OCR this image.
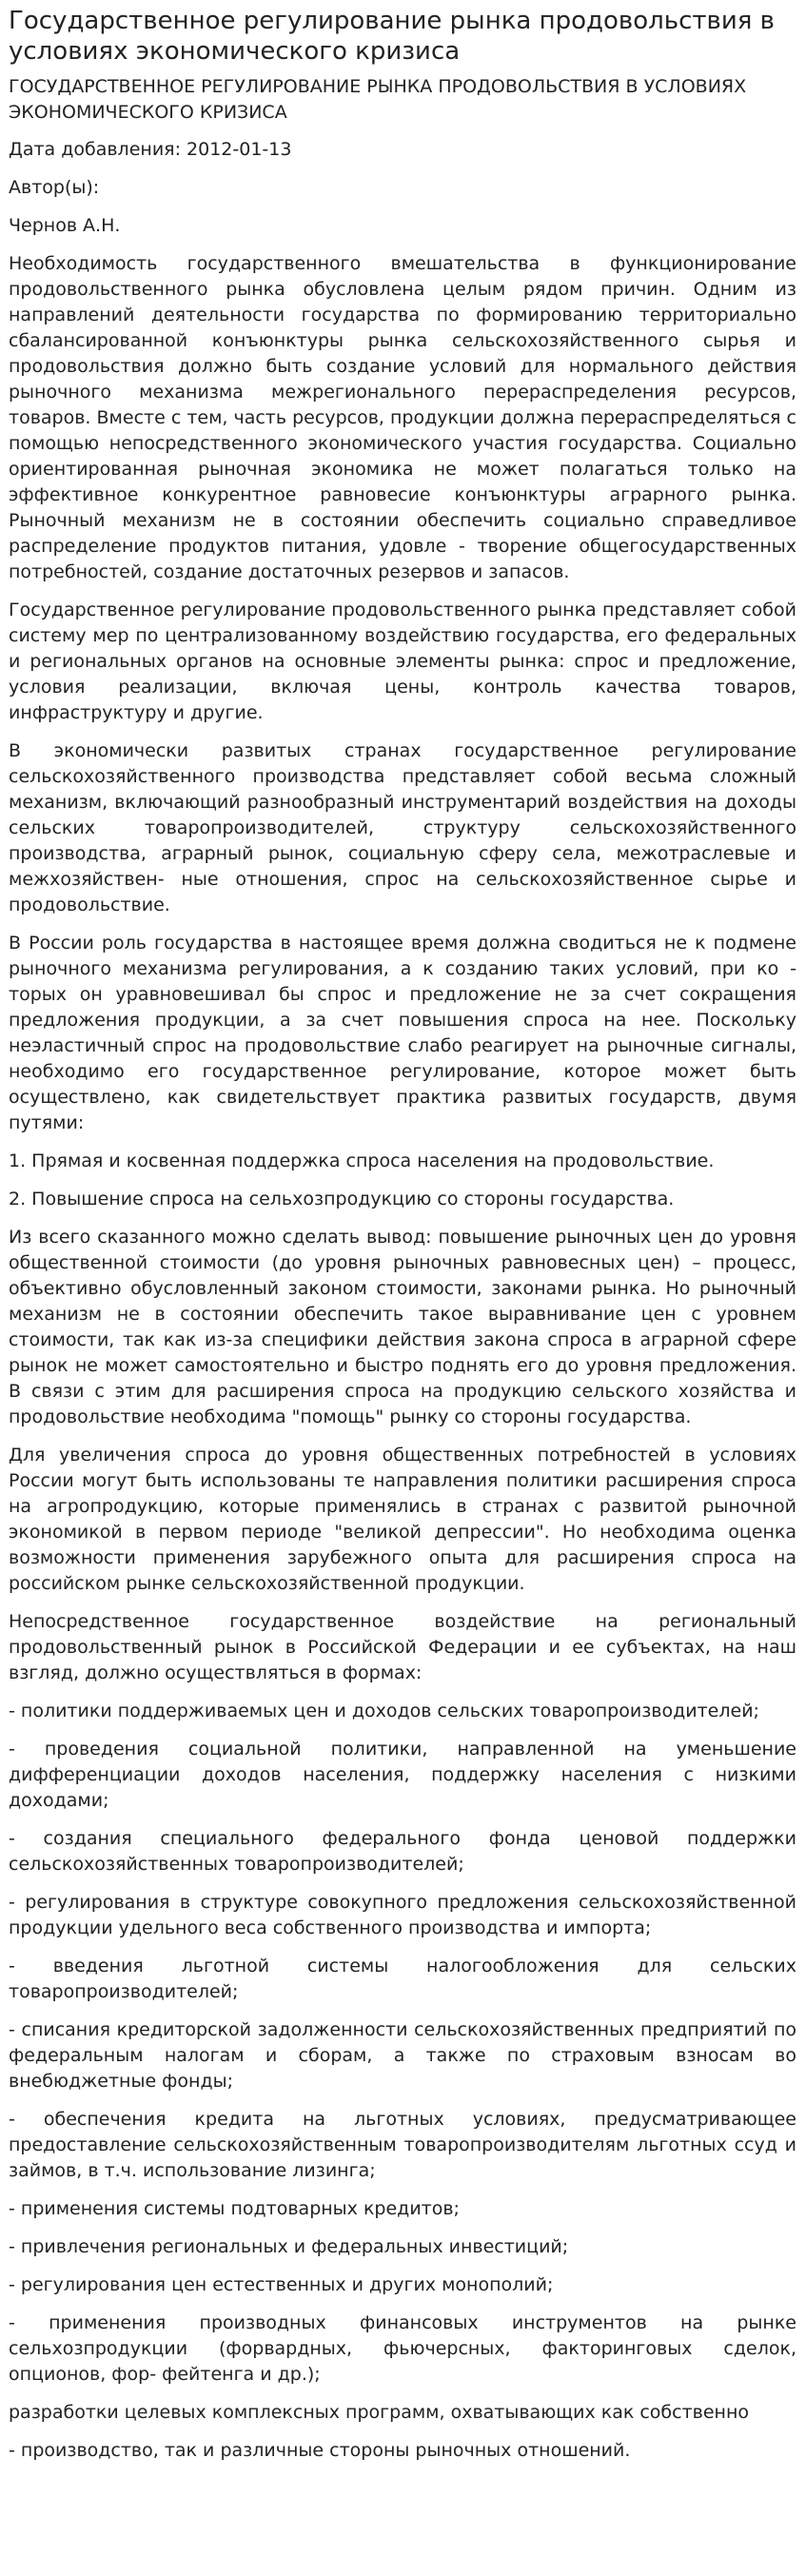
Государственное регулирование рынка продовольствия в условиях экономического кризиса

ГОСУДАРСТВЕННОЕ РЕГУЛИРОВАНИЕ РЫНКА ПРОДОВОЛЬСТВИЯ В УСЛОВИЯХ ЭКОНОМИЧЕСКОГО КРИЗИСА

Дата добавления: 2012-01-13

Автор(ы):

Чернов А.Н.

Необходимость государственного вмешательства в функционирование продовольственного рынка обусловлена целым рядом причин. Одним из направлений деятельности государства по формированию территориально сбалансированной конъюнктуры рынка сельскохозяйственного сырья и продовольствия должно быть создание условий для нормального действия рыночного механизма межрегионального перераспределения ресурсов, товаров. Вместе с тем, часть ресурсов, продукции должна перераспределяться с помощью непосредственного экономического участия государства. Социально ориентированная рыночная экономика не может полагаться только на эффективное конкурентное равновесие конъюнктуры аграрного рынка. Рыночный механизм не в состоянии обеспечить социально справедливое распределение продуктов питания, удовле - творение общегосударственных потребностей, создание достаточных резервов и запасов.

Государственное регулирование продовольственного рынка представляет собой систему мер по централизованному воздействию государства, его федеральных и региональных органов на основные элементы рынка: спрос и предложение, условия реализации, включая цены, контроль качества товаров, инфраструктуру и другие.

В экономически развитых странах государственное регулирование сельскохозяйственного производства представляет собой весьма сложный механизм, включающий разнообразный инструментарий воздействия на доходы сельских товаропроизводителей, структуру сельскохозяйственного производства, аграрный рынок, социальную сферу села, межотраслевые и межхозяйствен- ные отношения, спрос на сельскохозяйственное сырье и продовольствие.

В России роль государства в настоящее время должна сводиться не к подмене рыночного механизма регулирования, а к созданию таких условий, при ко - торых он уравновешивал бы спрос и предложение не за счет сокращения предложения продукции, а за счет повышения спроса на нее. Поскольку неэластичный спрос на продовольствие слабо реагирует на рыночные сигналы, необходимо его государственное регулирование, которое может быть осуществлено, как свидетельствует практика развитых государств, двумя путями:

1. Прямая и косвенная поддержка спроса населения на продовольствие.

2. Повышение спроса на сельхозпродукцию со стороны государства.

Из всего сказанного можно сделать вывод: повышение рыночных цен до уровня общественной стоимости (до уровня рыночных равновесных цен) – процесс, объективно обусловленный законом стоимости, законами рынка. Но рыночный механизм не в состоянии обеспечить такое выравнивание цен с уровнем стоимости, так как из-за специфики действия закона спроса в аграрной сфере рынок не может самостоятельно и быстро поднять его до уровня предложения. В связи с этим для расширения спроса на продукцию сельского хозяйства и продовольствие необходима "помощь" рынку со стороны государства.

Для увеличения спроса до уровня общественных потребностей в условиях России могут быть использованы те направления политики расширения спроса на агропродукцию, которые применялись в странах с развитой рыночной экономикой в первом периоде "великой депрессии". Но необходима оценка возможности применения зарубежного опыта для расширения спроса на российском рынке сельскохозяйственной продукции.

Непосредственное государственное воздействие на региональный продовольственный рынок в Российской Федерации и ее субъектах, на наш взгляд, должно осуществляться в формах:

- политики поддерживаемых цен и доходов сельских товаропроизводителей;

- проведения социальной политики, направленной на уменьшение дифференциации доходов населения, поддержку населения с низкими доходами;

- создания специального федерального фонда ценовой поддержки сельскохозяйственных товаропроизводителей;

- регулирования в структуре совокупного предложения сельскохозяйственной продукции удельного веса собственного производства и импорта;

- введения льготной системы налогообложения для сельских товаропроизводителей;

- списания кредиторской задолженности сельскохозяйственных предприятий по федеральным налогам и сборам, а также по страховым взносам во внебюджетные фонды;

- обеспечения кредита на льготных условиях, предусматривающее предоставление сельскохозяйственным товаропроизводителям льготных ссуд и займов, в т.ч. использование лизинга;

- применения системы подтоварных кредитов;

- привлечения региональных и федеральных инвестиций;

- регулирования цен естественных и других монополий;

- применения производных финансовых инструментов на рынке сельхозпродукции (форвардных, фьючерсных, факторинговых сделок, опционов, фор- фейтенга и др.);

разработки целевых комплексных программ, охватывающих как собственно

- производство, так и различные стороны рыночных отношений.
